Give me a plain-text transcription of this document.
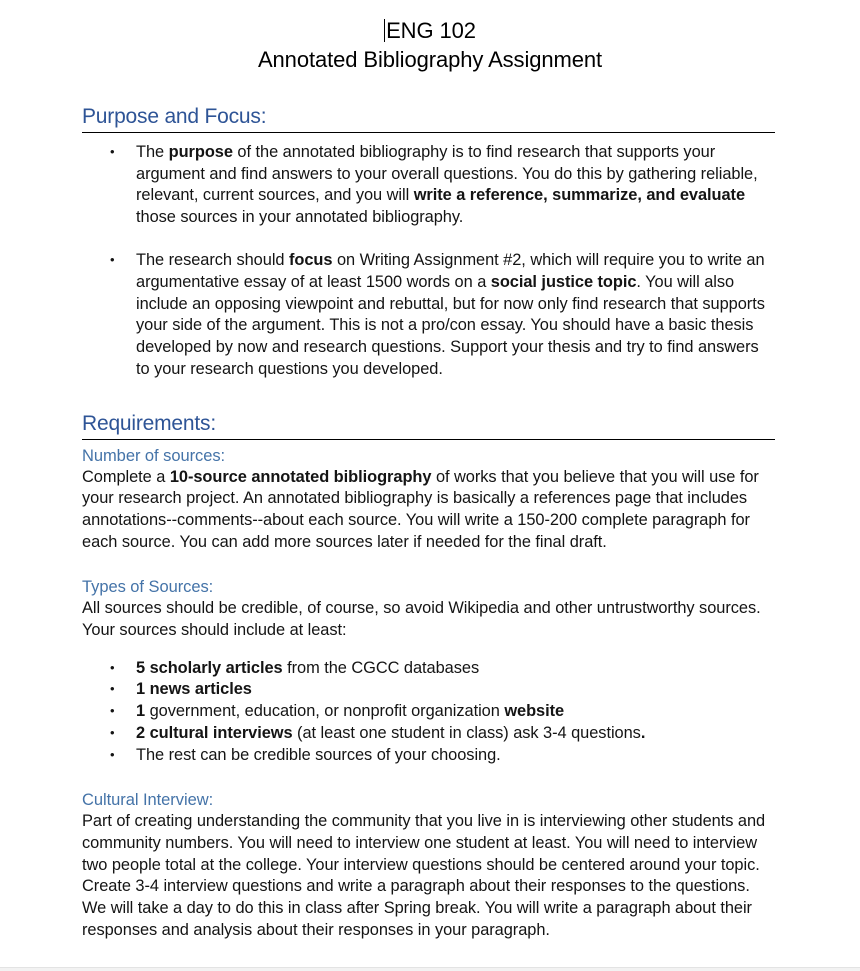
ENG 102
Annotated Bibliography Assignment
Purpose and Focus:
• The purpose of the annotated bibliography is to find research that supports your argument and find answers to your overall questions. You do this by gathering reliable, relevant, current sources, and you will write a reference, summarize, and evaluate those sources in your annotated bibliography.
• The research should focus on Writing Assignment #2, which will require you to write an argumentative essay of at least 1500 words on a social justice topic. You will also include an opposing viewpoint and rebuttal, but for now only find research that supports your side of the argument. This is not a pro/con essay. You should have a basic thesis developed by now and research questions. Support your thesis and try to find answers to your research questions you developed.
Requirements:
Number of sources:
Complete a 10-source annotated bibliography of works that you believe that you will use for your research project. An annotated bibliography is basically a references page that includes annotations--comments--about each source. You will write a 150-200 complete paragraph for each source. You can add more sources later if needed for the final draft.
Types of Sources:
All sources should be credible, of course, so avoid Wikipedia and other untrustworthy sources. Your sources should include at least:
• 5 scholarly articles from the CGCC databases
• 1 news articles
• 1 government, education, or nonprofit organization website
• 2 cultural interviews (at least one student in class) ask 3-4 questions.
• The rest can be credible sources of your choosing.
Cultural Interview:
Part of creating understanding the community that you live in is interviewing other students and community numbers. You will need to interview one student at least. You will need to interview two people total at the college. Your interview questions should be centered around your topic. Create 3-4 interview questions and write a paragraph about their responses to the questions. We will take a day to do this in class after Spring break. You will write a paragraph about their responses and analysis about their responses in your paragraph.
